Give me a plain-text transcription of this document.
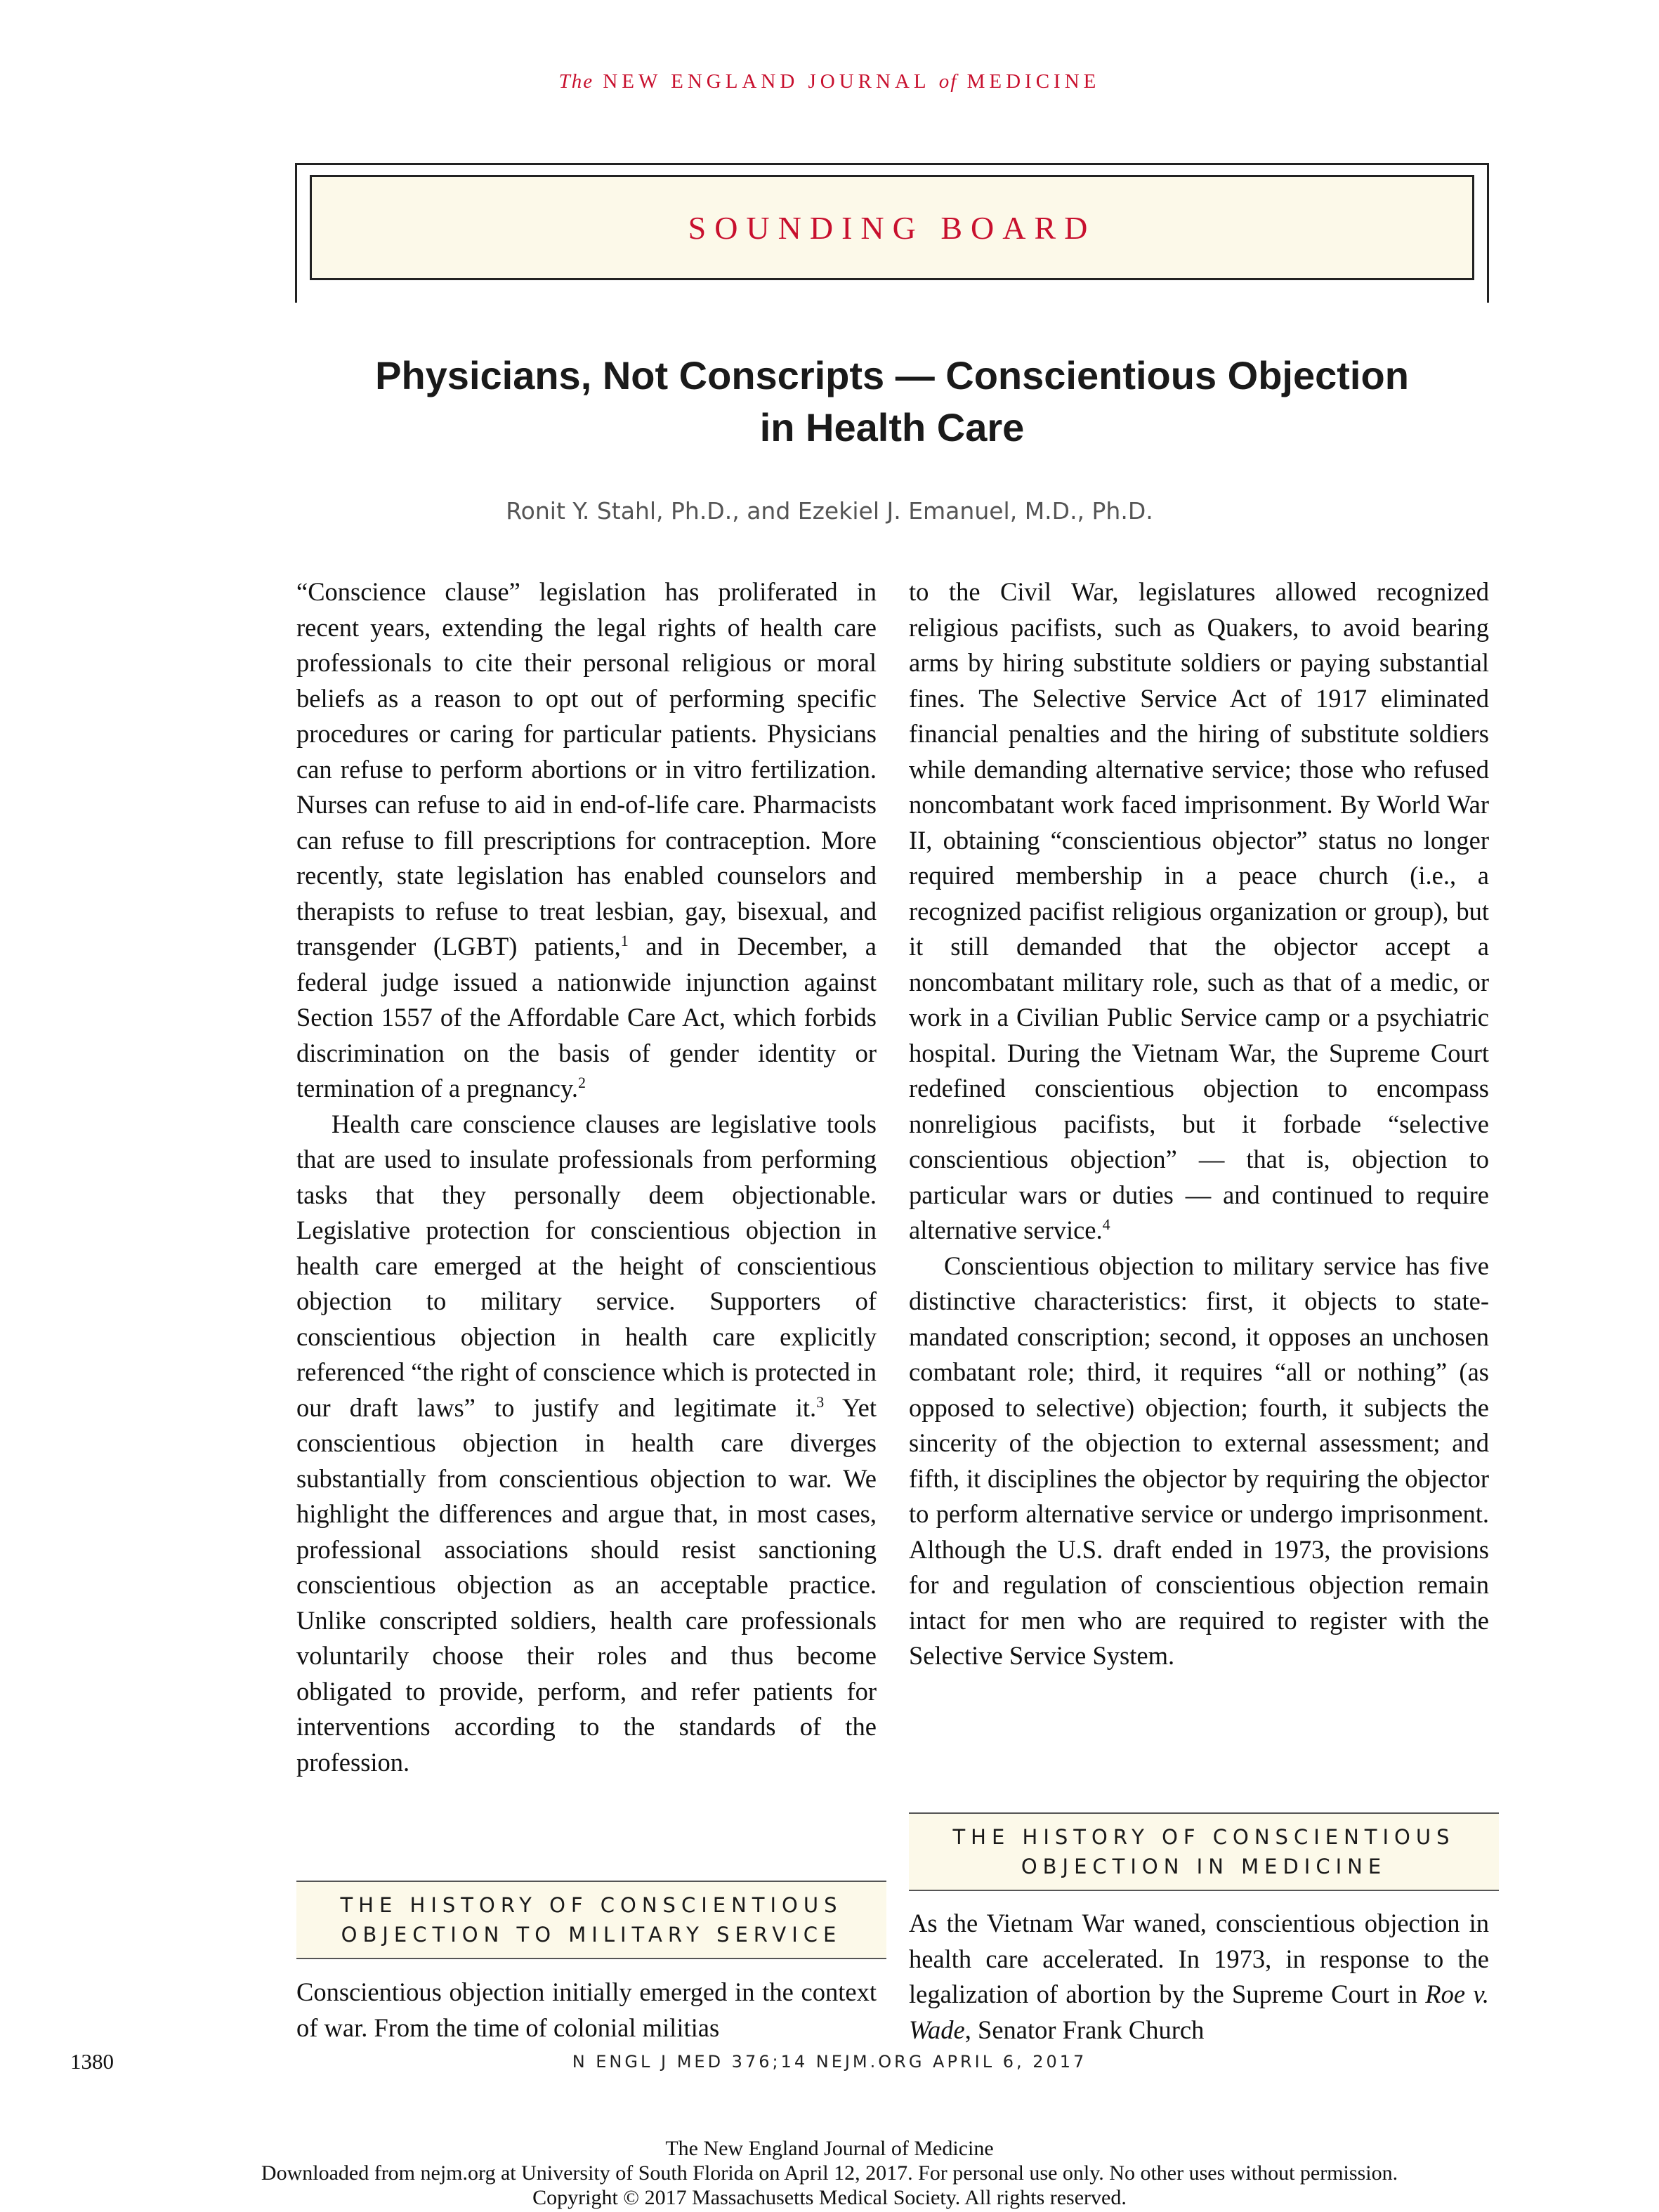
The NEW ENGLAND JOURNAL of MEDICINE
SOUNDING BOARD
Physicians, Not Conscripts — Conscientious Objection
in Health Care
Ronit Y. Stahl, Ph.D., and Ezekiel J. Emanuel, M.D., Ph.D.

“Conscience clause” legislation has proliferated in recent years, extending the legal rights of health care professionals to cite their personal religious or moral beliefs as a reason to opt out of performing specific procedures or caring for particular patients. Physicians can refuse to perform abortions or in vitro fertilization. Nurses can refuse to aid in end-of-life care. Pharmacists can refuse to fill prescriptions for contraception. More recently, state legislation has enabled counselors and therapists to refuse to treat lesbian, gay, bisexual, and transgender (LGBT) patients,$^1$ and in December, a federal judge issued a nationwide injunction against Section 1557 of the Affordable Care Act, which forbids discrimination on the basis of gender identity or termination of a pregnancy.$^2$

Health care conscience clauses are legislative tools that are used to insulate professionals from performing tasks that they personally deem objectionable. Legislative protection for conscientious objection in health care emerged at the height of conscientious objection to military service. Supporters of conscientious objection in health care explicitly referenced “the right of conscience which is protected in our draft laws” to justify and legitimate it.$^3$ Yet conscientious objection in health care diverges substantially from conscientious objection to war. We highlight the differences and argue that, in most cases, professional associations should resist sanctioning conscientious objection as an acceptable practice. Unlike conscripted soldiers, health care professionals voluntarily choose their roles and thus become obligated to provide, perform, and refer patients for interventions according to the standards of the profession.

to the Civil War, legislatures allowed recognized religious pacifists, such as Quakers, to avoid bearing arms by hiring substitute soldiers or paying substantial fines. The Selective Service Act of 1917 eliminated financial penalties and the hiring of substitute soldiers while demanding alternative service; those who refused noncombatant work faced imprisonment. By World War II, obtaining “conscientious objector” status no longer required membership in a peace church (i.e., a recognized pacifist religious organization or group), but it still demanded that the objector accept a noncombatant military role, such as that of a medic, or work in a Civilian Public Service camp or a psychiatric hospital. During the Vietnam War, the Supreme Court redefined conscientious objection to encompass nonreligious pacifists, but it forbade “selective conscientious objection” — that is, objection to particular wars or duties — and continued to require alternative service.$^4$

Conscientious objection to military service has five distinctive characteristics: first, it objects to state-mandated conscription; second, it opposes an unchosen combatant role; third, it requires “all or nothing” (as opposed to selective) objection; fourth, it subjects the sincerity of the objection to external assessment; and fifth, it disciplines the objector by requiring the objector to perform alternative service or undergo imprisonment. Although the U.S. draft ended in 1973, the provisions for and regulation of conscientious objection remain intact for men who are required to register with the Selective Service System.

THE HISTORY OF CONSCIENTIOUS
OBJECTION TO MILITARY SERVICE

Conscientious objection initially emerged in the context of war. From the time of colonial militias

THE HISTORY OF CONSCIENTIOUS
OBJECTION IN MEDICINE

As the Vietnam War waned, conscientious objection in health care accelerated. In 1973, in response to the legalization of abortion by the Supreme Court in Roe v. Wade, Senator Frank Church

1380	N ENGL J MED 376;14 NEJM.ORG APRIL 6, 2017
The New England Journal of Medicine
Downloaded from nejm.org at University of South Florida on April 12, 2017. For personal use only. No other uses without permission.
Copyright © 2017 Massachusetts Medical Society. All rights reserved.
